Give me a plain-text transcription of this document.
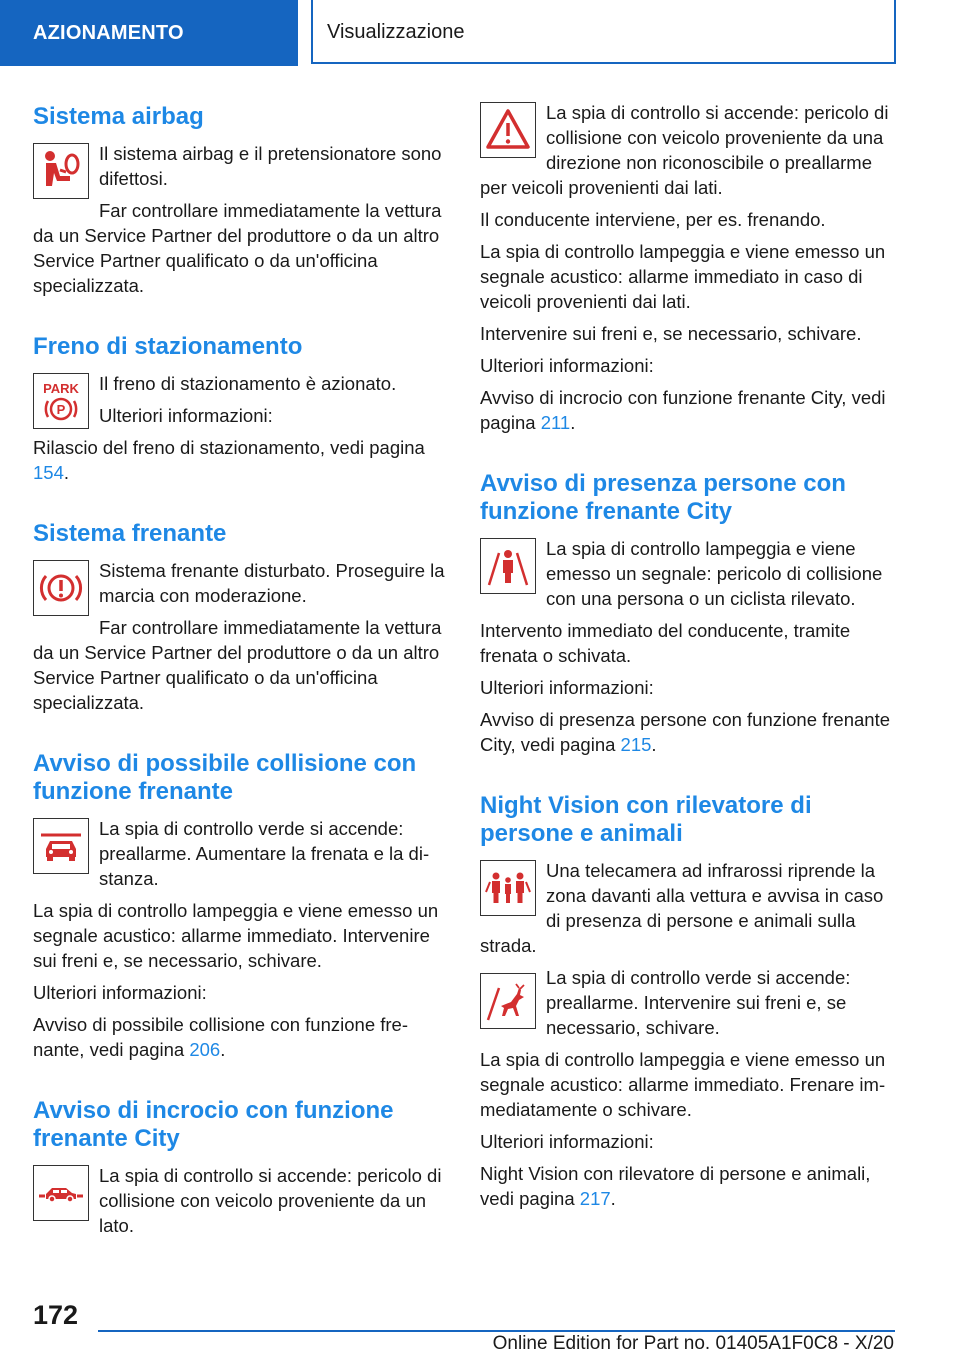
AZIONAMENTO	Visualizzazione
Sistema airbag

Il sistema airbag e il pretensionatore sono difettosi.

Far controllare immediatamente la vettura da un Service Partner del produttore o da un altro Service Partner qualificato o da un'officina specializzata.

Freno di stazionamento
PARK
P

Il freno di stazionamento è azionato.

Ulteriori informazioni:

Rilascio del freno di stazionamento, vedi pagina 154.

Sistema frenante

Sistema frenante disturbato. Proseguire la marcia con moderazione.

Far controllare immediatamente la vettura da un Service Partner del produttore o da un altro Service Partner qualificato o da un'officina specializzata.

Avviso di possibile collisione con funzione frenante

La spia di controllo verde si accende: preallarme. Aumentare la frenata e la distanza.

La spia di controllo lampeggia e viene emesso un segnale acustico: allarme immediato. Intervenire sui freni e, se necessario, schivare.

Ulteriori informazioni:

Avviso di possibile collisione con funzione frenante, vedi pagina 206.

Avviso di incrocio con funzione frenante City

La spia di controllo si accende: pericolo di collisione con veicolo proveniente da un lato.

La spia di controllo si accende: pericolo di collisione con veicolo proveniente da una direzione non riconoscibile o preallarme per veicoli provenienti dai lati.

Il conducente interviene, per es. frenando.

La spia di controllo lampeggia e viene emesso un segnale acustico: allarme immediato in caso di veicoli provenienti dai lati.

Intervenire sui freni e, se necessario, schivare.

Ulteriori informazioni:

Avviso di incrocio con funzione frenante City, vedi pagina 211.

Avviso di presenza persone con funzione frenante City

La spia di controllo lampeggia e viene emesso un segnale: pericolo di collisione con una persona o un ciclista rilevato.

Intervento immediato del conducente, tramite frenata o schivata.

Ulteriori informazioni:

Avviso di presenza persone con funzione frenante City, vedi pagina 215.

Night Vision con rilevatore di persone e animali

Una telecamera ad infrarossi riprende la zona davanti alla vettura e avvisa in caso di presenza di persone e animali sulla strada.

La spia di controllo verde si accende: preallarme. Intervenire sui freni e, se necessario, schivare.

La spia di controllo lampeggia e viene emesso un segnale acustico: allarme immediato. Frenare immediatamente o schivare.

Ulteriori informazioni:

Night Vision con rilevatore di persone e animali, vedi pagina 217.

172
Online Edition for Part no. 01405A1F0C8 - X/20
